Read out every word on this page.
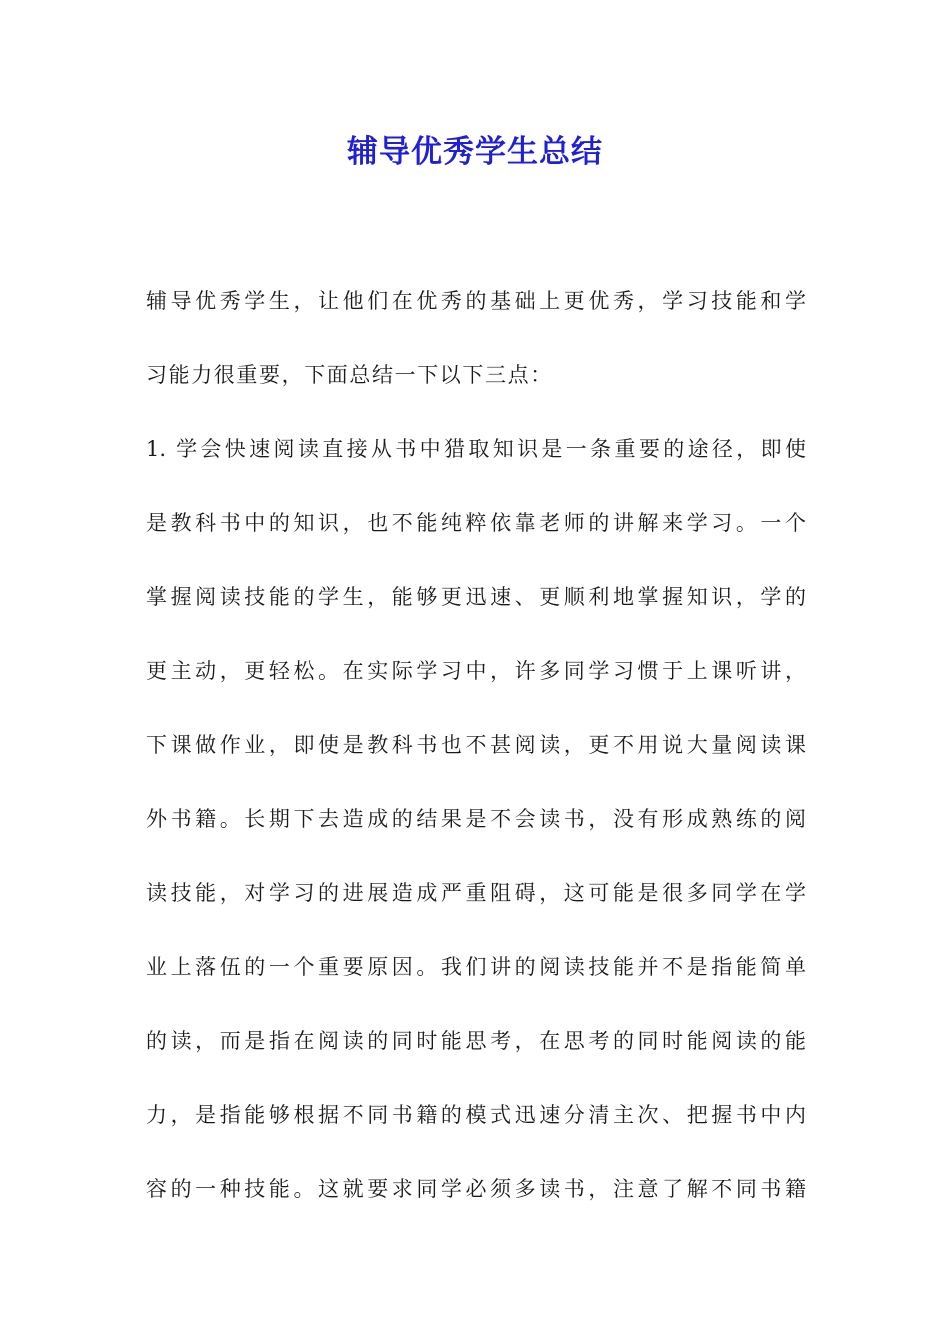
辅导优秀学生总结
辅导优秀学生，让他们在优秀的基础上更优秀，学习技能和学
习能力很重要，下面总结一下以下三点：
1. 学会快速阅读直接从书中猎取知识是一条重要的途径，即使
是教科书中的知识，也不能纯粹依靠老师的讲解来学习。一个
掌握阅读技能的学生，能够更迅速、更顺利地掌握知识，学的
更主动，更轻松。在实际学习中，许多同学习惯于上课听讲，
下课做作业，即使是教科书也不甚阅读，更不用说大量阅读课
外书籍。长期下去造成的结果是不会读书，没有形成熟练的阅
读技能，对学习的进展造成严重阻碍，这可能是很多同学在学
业上落伍的一个重要原因。我们讲的阅读技能并不是指能简单
的读，而是指在阅读的同时能思考，在思考的同时能阅读的能
力，是指能够根据不同书籍的模式迅速分清主次、把握书中内
容的一种技能。这就要求同学必须多读书，注意了解不同书籍
